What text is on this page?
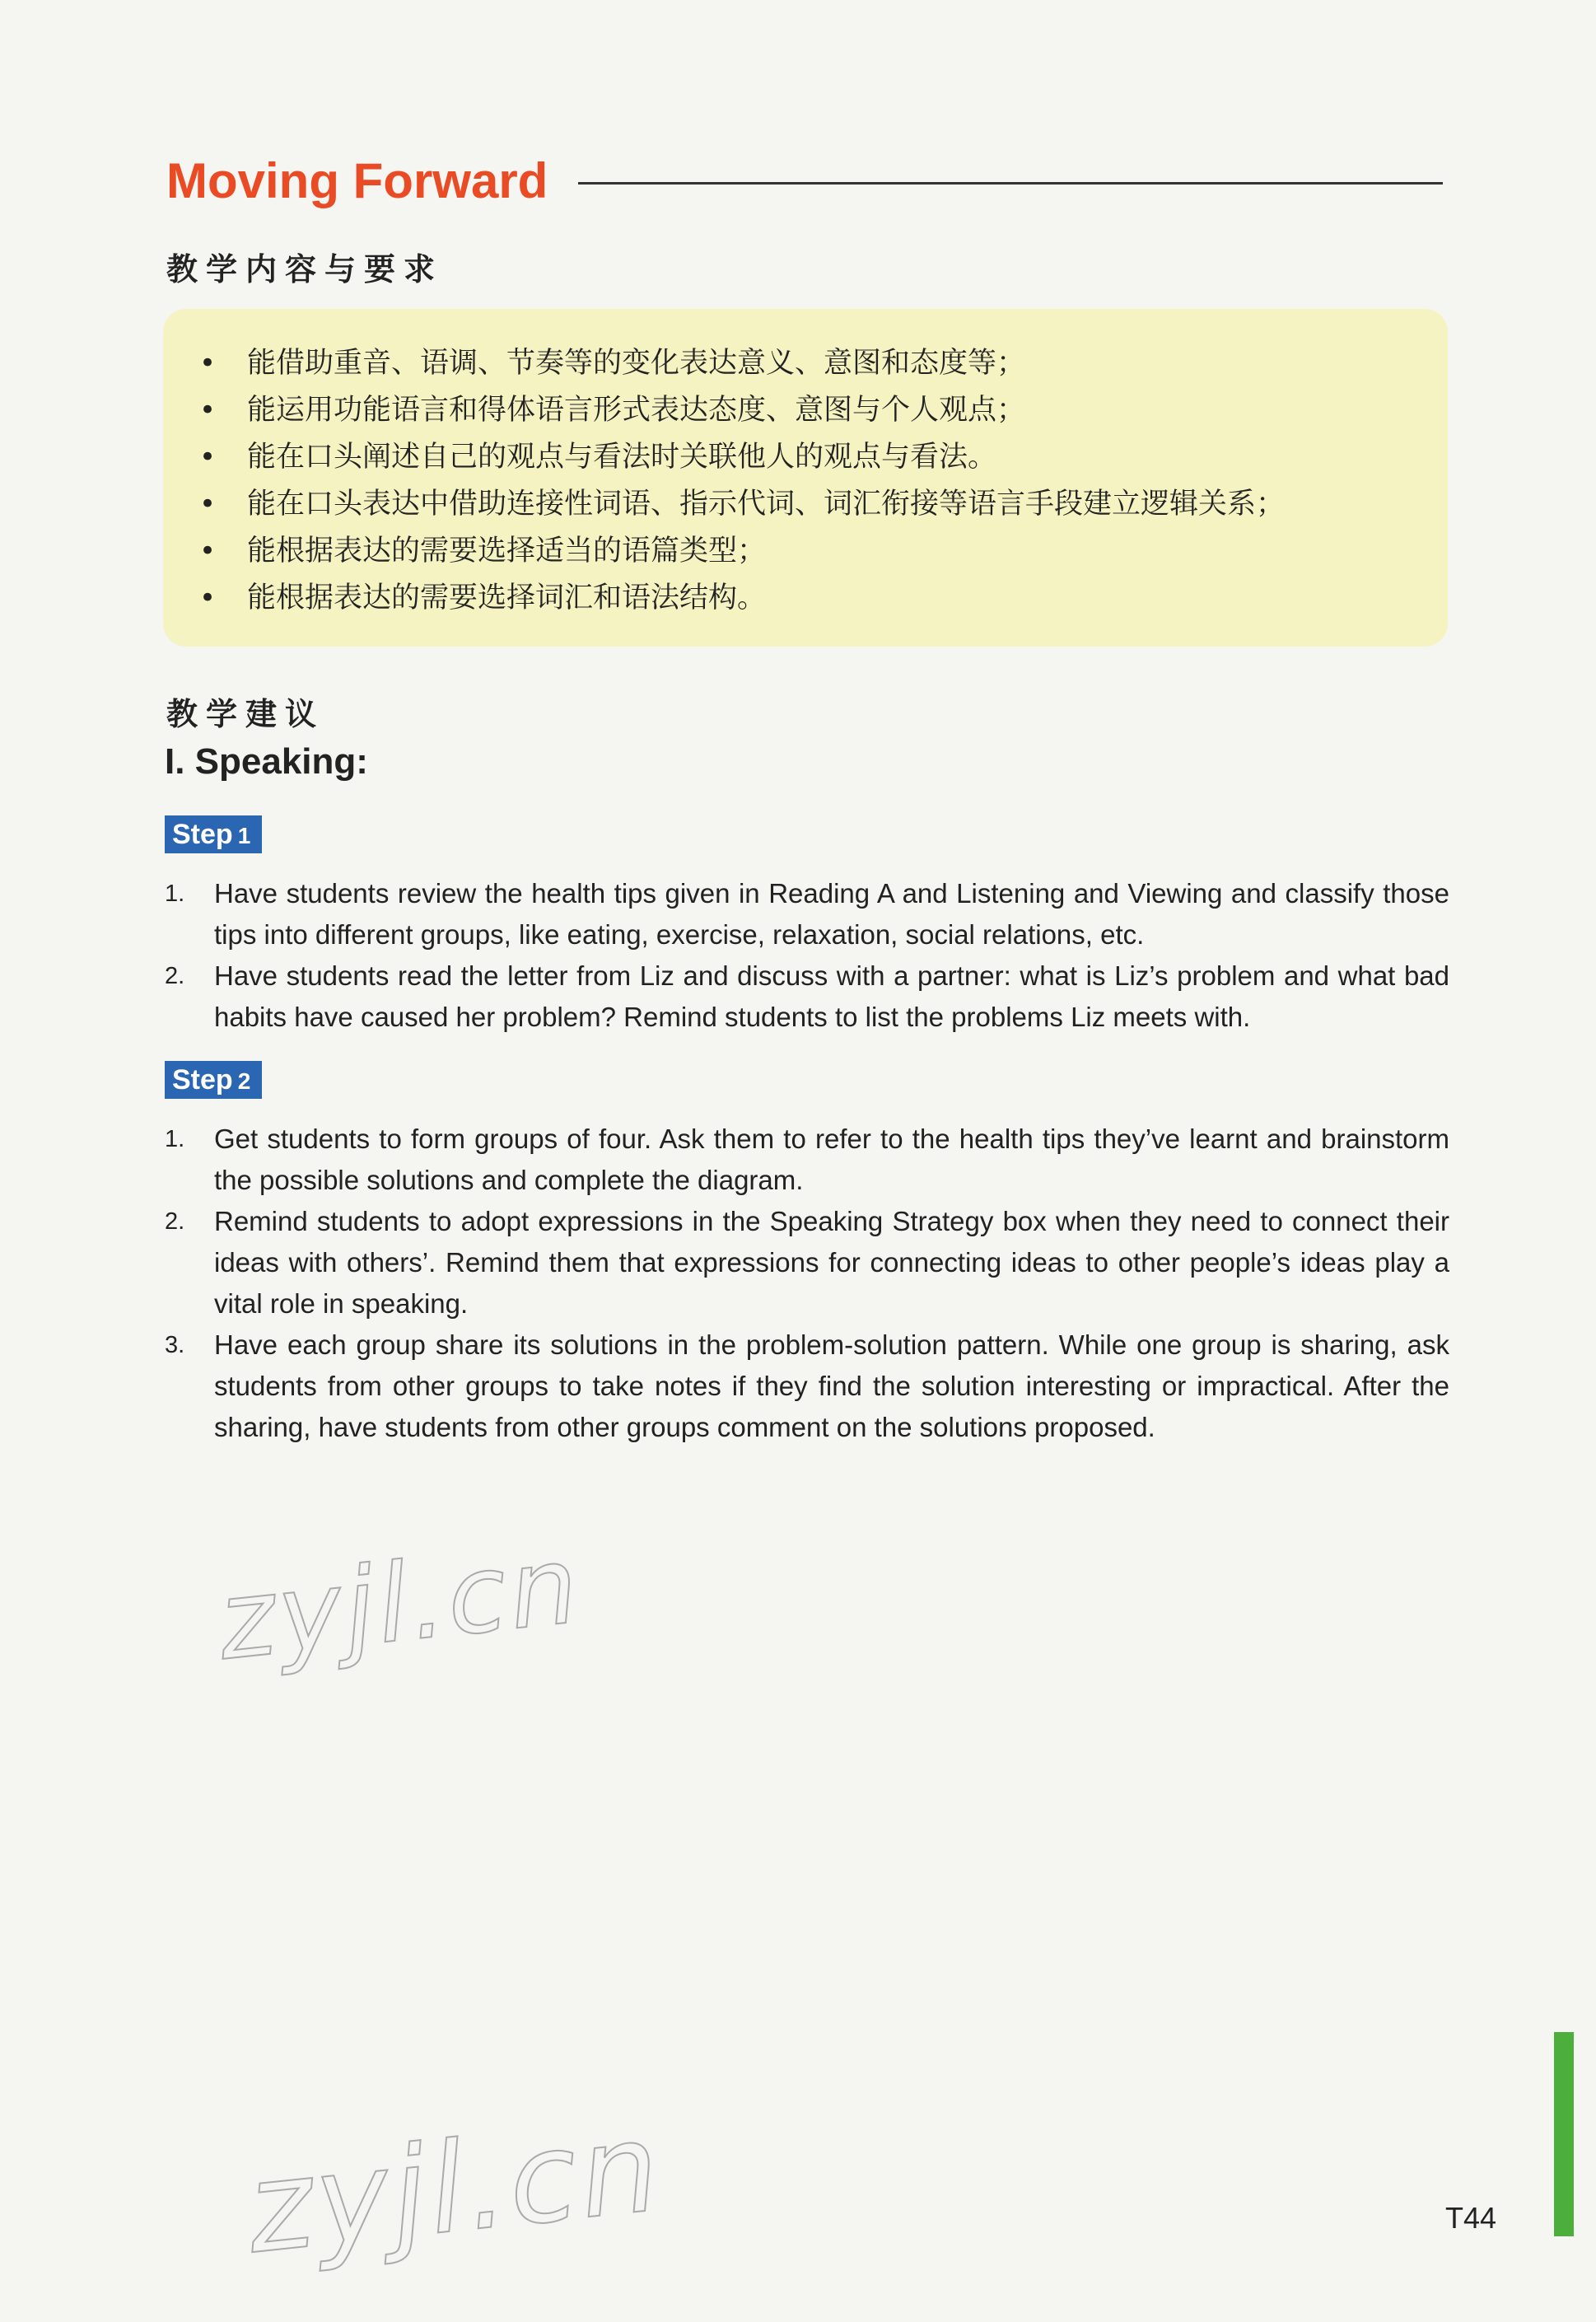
Moving Forward
教学内容与要求
• 能借助重音、语调、节奏等的变化表达意义、意图和态度等；
• 能运用功能语言和得体语言形式表达态度、意图与个人观点；
• 能在口头阐述自己的观点与看法时关联他人的观点与看法。
• 能在口头表达中借助连接性词语、指示代词、词汇衔接等语言手段建立逻辑关系；
• 能根据表达的需要选择适当的语篇类型；
• 能根据表达的需要选择词汇和语法结构。
教学建议
I. Speaking:
Step 1
1. Have students review the health tips given in Reading A and Listening and Viewing and classify those tips into different groups, like eating, exercise, relaxation, social relations, etc.
2. Have students read the letter from Liz and discuss with a partner: what is Liz’s problem and what bad habits have caused her problem? Remind students to list the problems Liz meets with.
Step 2
1. Get students to form groups of four. Ask them to refer to the health tips they’ve learnt and brainstorm the possible solutions and complete the diagram.
2. Remind students to adopt expressions in the Speaking Strategy box when they need to connect their ideas with others’. Remind them that expressions for connecting ideas to other people’s ideas play a vital role in speaking.
3. Have each group share its solutions in the problem-solution pattern. While one group is sharing, ask students from other groups to take notes if they find the solution interesting or impractical. After the sharing, have students from other groups comment on the solutions proposed.
zyjl.cn
zyjl.cn	T44
